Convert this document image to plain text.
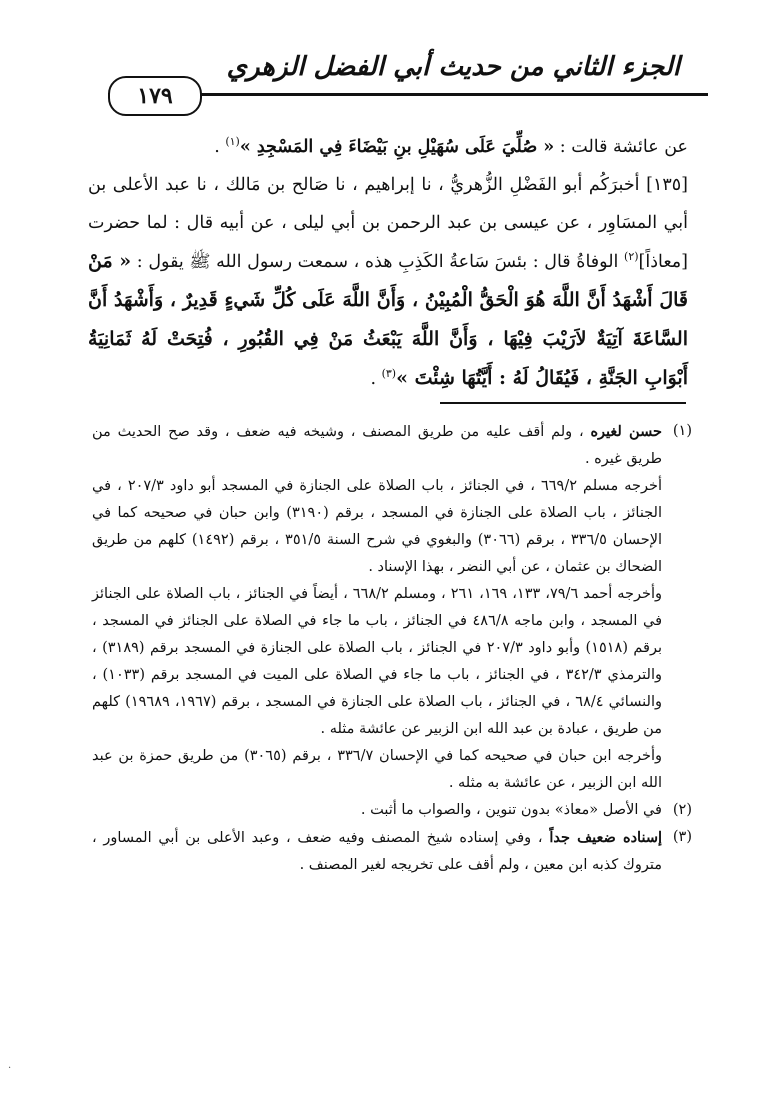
الجزء الثاني من حديث أبي الفضل الزهري
١٧٩

عن عائشة قالت : « صُلِّيَ عَلَى سُهَيْلِ بنِ بَيْضَاءَ فِي المَسْجِدِ »$^{(١)}$ .

[١٣٥] أخبرَكُم أبو الفَضْلِ الزُّهريُّ ، نا إبراهيم ، نا صَالح بن مَالك ، نا عبد الأعلى بن أبي المسَاوِر ، عن عيسى بن عبد الرحمن بن أبي ليلى ، عن أبيه قال : لما حضرت [معاذاً]$^{(٢)}$ الوفاةُ قال : بئسَ سَاعةُ الكَذِبِ هذه ، سمعت رسول الله ﷺ يقول : « مَنْ قَالَ أَشْهَدُ أَنَّ اللَّهَ هُوَ الْحَقُّ الْمُبِيْنُ ، وَأَنَّ اللَّهَ عَلَى كُلِّ شَيءٍ قَدِيرٌ ، وَأَشْهَدُ أَنَّ السَّاعَةَ آتِيَةٌ لاَرَيْبَ فِيْهَا ، وَأَنَّ اللَّهَ يَبْعَثُ مَنْ فِي القُبُورِ ، فُتِحَتْ لَهُ ثَمَانِيَةُ أَبْوَابِ الجَنَّةِ ، فَيُقَالُ لَهُ : أَيَّتُهَا شِئْتَ »$^{(٣)}$ .

(١)

حسن لغيره ، ولم أقف عليه من طريق المصنف ، وشيخه فيه ضعف ، وقد صح الحديث من طريق غيره .

أخرجه مسلم ٦٦٩/٢ ، في الجنائز ، باب الصلاة على الجنازة في المسجد أبو داود ٢٠٧/٣ ، في الجنائز ، باب الصلاة على الجنازة في المسجد ، برقم (٣١٩٠) وابن حبان في صحيحه كما في الإحسان ٣٣٦/٥ ، برقم (٣٠٦٦) والبغوي في شرح السنة ٣٥١/٥ ، برقم (١٤٩٢) كلهم من طريق الضحاك بن عثمان ، عن أبي النضر ، بهذا الإسناد .

وأخرجه أحمد ٧٩/٦، ١٣٣، ١٦٩، ٢٦١ ، ومسلم ٦٦٨/٢ ، أيضاً في الجنائز ، باب الصلاة على الجنائز في المسجد ، وابن ماجه ٤٨٦/٨ في الجنائز ، باب ما جاء في الصلاة على الجنائز في المسجد ، برقم (١٥١٨) وأبو داود ٢٠٧/٣ في الجنائز ، باب الصلاة على الجنازة في المسجد برقم (٣١٨٩) ، والترمذي ٣٤٢/٣ ، في الجنائز ، باب ما جاء في الصلاة على الميت في المسجد برقم (١٠٣٣) ، والنسائي ٦٨/٤ ، في الجنائز ، باب الصلاة على الجنازة في المسجد ، برقم (١٩٦٧، ١٩٦٨٩) كلهم من طريق ، عبادة بن عبد الله ابن الزبير عن عائشة مثله .

وأخرجه ابن حبان في صحيحه كما في الإحسان ٣٣٦/٧ ، برقم (٣٠٦٥) من طريق حمزة بن عبد الله ابن الزبير ، عن عائشة به مثله .

(٢)

في الأصل «معاذ» بدون تنوين ، والصواب ما أثبت .

(٣)

إسناده ضعيف جداً ، وفي إسناده شيخ المصنف وفيه ضعف ، وعبد الأعلى بن أبي المساور ، متروك كذبه ابن معين ، ولم أقف على تخريجه لغير المصنف .

.
